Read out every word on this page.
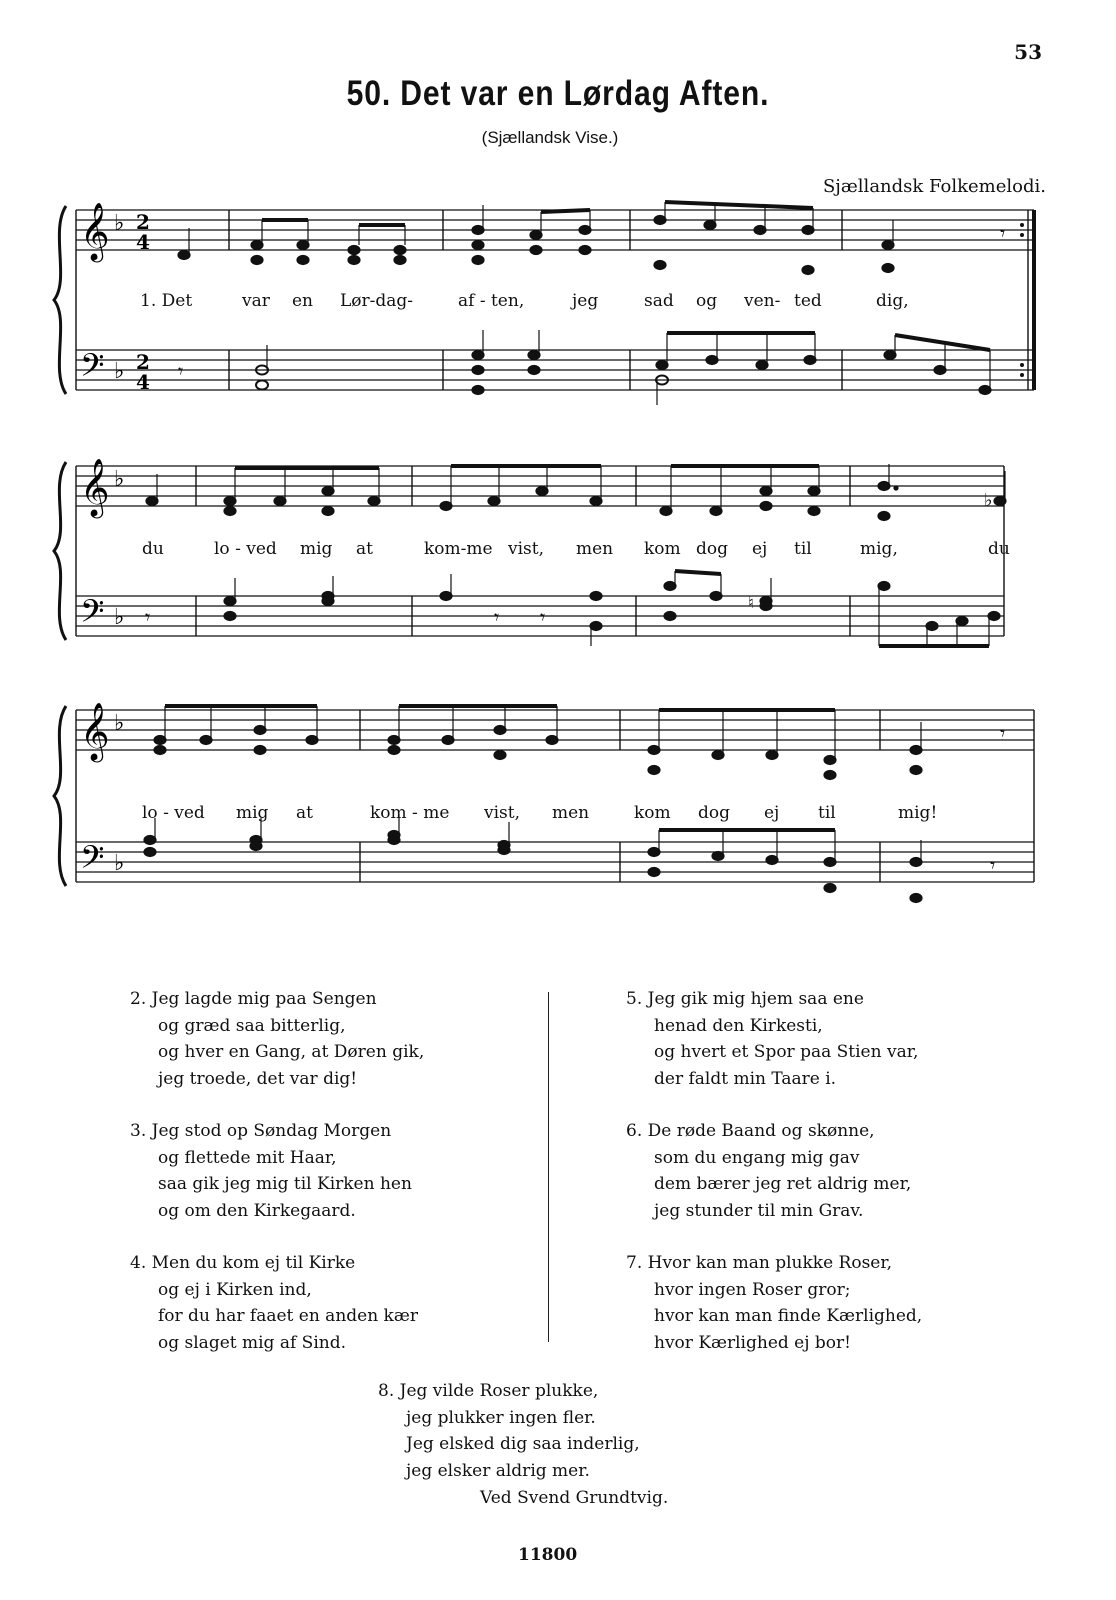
53
50. Det var en Lørdag Aften.
(Sjællandsk Vise.)
Sjællandsk Folkemelodi.
𝄞
𝄢
♭
♭
2
4
2
4
𝄾
𝄾
1. Det	var en Lør-dag-	af - ten,	jeg	sad og ven- ted	dig,
𝄞
𝄢
♭
♭
♭
𝄾	𝄾 𝄾
♮
du	lo - ved mig at	kom-me vist, men kom dog ej til	mig,	du
𝄞
𝄢
♭
♭
𝄾
𝄾
lo - ved mig at	kom - me vist, men	kom dog ej til	mig!
2. Jeg lagde mig paa Sengen
og græd saa bitterlig,
og hver en Gang, at Døren gik,
jeg troede, det var dig!
3. Jeg stod op Søndag Morgen
og flettede mit Haar,
saa gik jeg mig til Kirken hen
og om den Kirkegaard.
4. Men du kom ej til Kirke
og ej i Kirken ind,
for du har faaet en anden kær
og slaget mig af Sind.
5. Jeg gik mig hjem saa ene
henad den Kirkesti,
og hvert et Spor paa Stien var,
der faldt min Taare i.
6. De røde Baand og skønne,
som du engang mig gav
dem bærer jeg ret aldrig mer,
jeg stunder til min Grav.
7. Hvor kan man plukke Roser,
hvor ingen Roser gror;
hvor kan man finde Kærlighed,
hvor Kærlighed ej bor!
8. Jeg vilde Roser plukke,
jeg plukker ingen fler.
Jeg elsked dig saa inderlig,
jeg elsker aldrig mer.
Ved Svend Grundtvig.
11800
